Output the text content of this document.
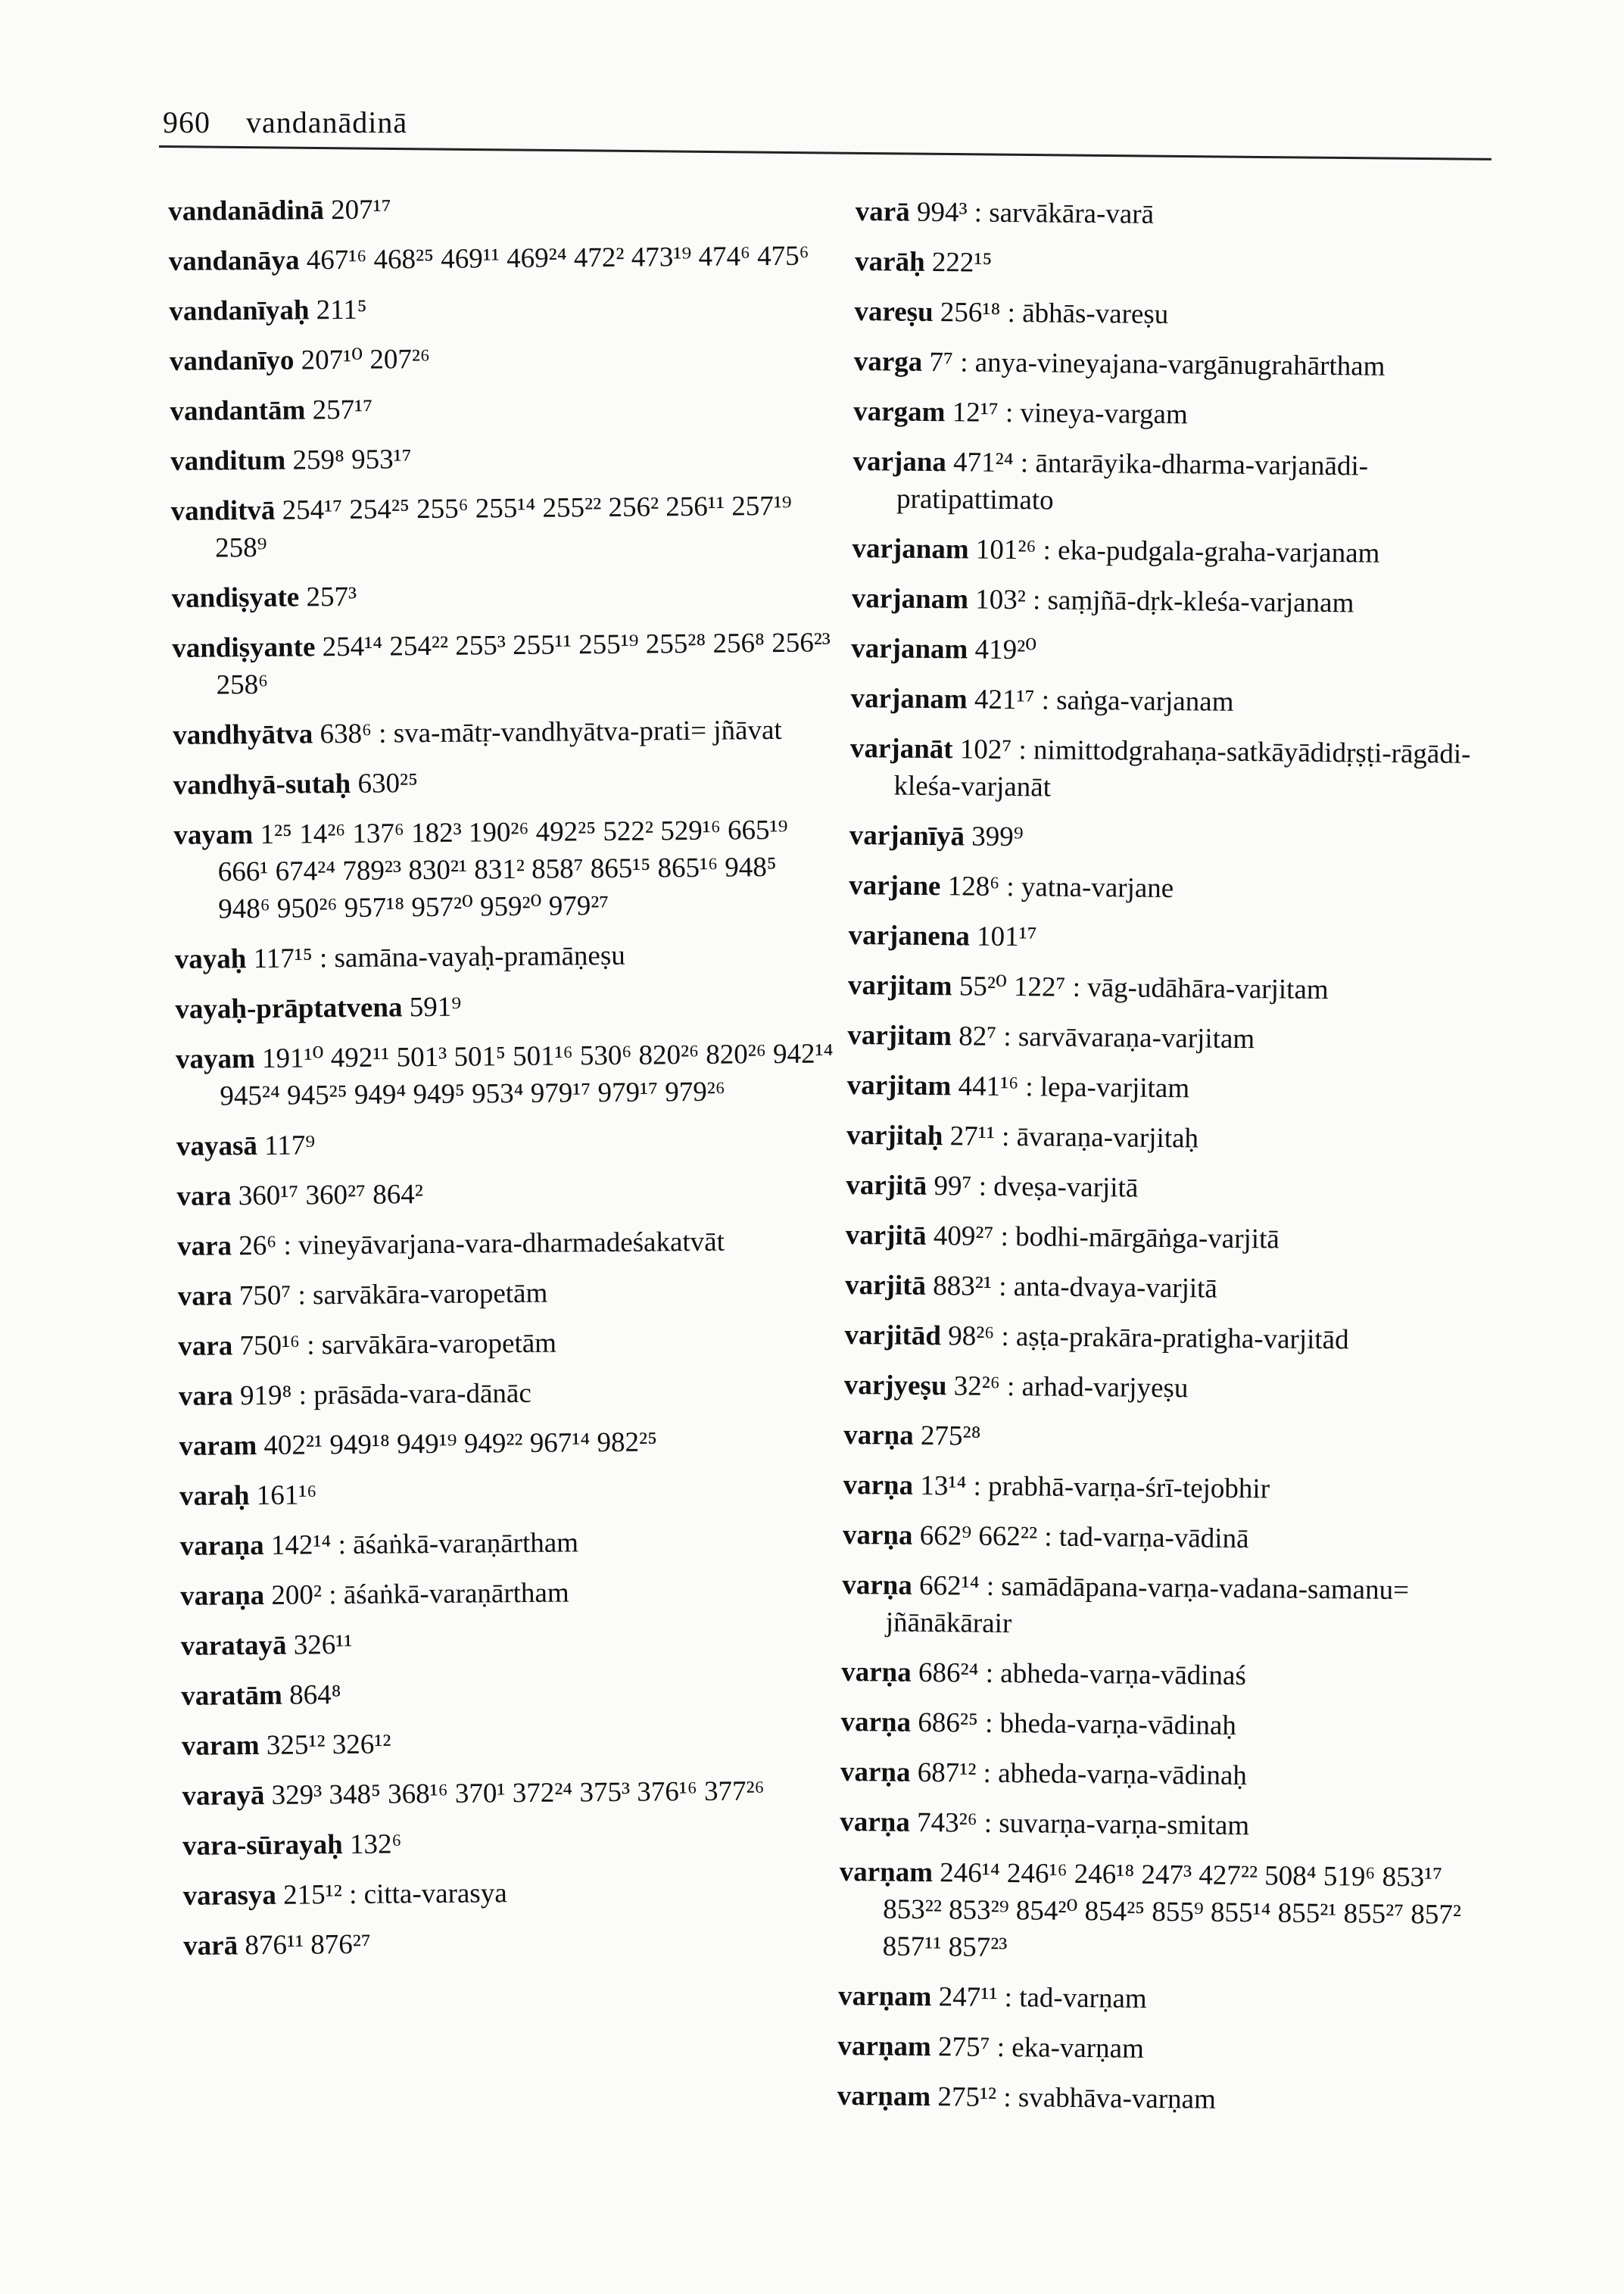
960 vandanādinā
vandanādinā 207¹⁷
vandanāya 467¹⁶ 468²⁵ 469¹¹ 469²⁴ 472² 473¹⁹ 474⁶ 475⁶
vandanīyaḥ 211⁵
vandanīyo 207¹⁰ 207²⁶
vandantām 257¹⁷
vanditum 259⁸ 953¹⁷
vanditvā 254¹⁷ 254²⁵ 255⁶ 255¹⁴ 255²² 256² 256¹¹ 257¹⁹ 258⁹
vandiṣyate 257³
vandiṣyante 254¹⁴ 254²² 255³ 255¹¹ 255¹⁹ 255²⁸ 256⁸ 256²³ 258⁶
vandhyātva 638⁶ : sva-mātṛ-vandhyātva-prati= jñāvat
vandhyā-sutaḥ 630²⁵
vayam 1²⁵ 14²⁶ 137⁶ 182³ 190²⁶ 492²⁵ 522² 529¹⁶ 665¹⁹ 666¹ 674²⁴ 789²³ 830²¹ 831² 858⁷ 865¹⁵ 865¹⁶ 948⁵ 948⁶ 950²⁶ 957¹⁸ 957²⁰ 959²⁰ 979²⁷
vayaḥ 117¹⁵ : samāna-vayaḥ-pramāṇeṣu
vayaḥ-prāptatvena 591⁹
vayam 191¹⁰ 492¹¹ 501³ 501⁵ 501¹⁶ 530⁶ 820²⁶ 820²⁶ 942¹⁴ 945²⁴ 945²⁵ 949⁴ 949⁵ 953⁴ 979¹⁷ 979¹⁷ 979²⁶
vayasā 117⁹
vara 360¹⁷ 360²⁷ 864²
vara 26⁶ : vineyāvarjana-vara-dharmadeśakatvāt
vara 750⁷ : sarvākāra-varopetām
vara 750¹⁶ : sarvākāra-varopetām
vara 919⁸ : prāsāda-vara-dānāc
varam 402²¹ 949¹⁸ 949¹⁹ 949²² 967¹⁴ 982²⁵
varaḥ 161¹⁶
varaṇa 142¹⁴ : āśaṅkā-varaṇārtham
varaṇa 200² : āśaṅkā-varaṇārtham
varatayā 326¹¹
varatām 864⁸
varam 325¹² 326¹²
varayā 329³ 348⁵ 368¹⁶ 370¹ 372²⁴ 375³ 376¹⁶ 377²⁶
vara-sūrayaḥ 132⁶
varasya 215¹² : citta-varasya
varā 876¹¹ 876²⁷
varā 994³ : sarvākāra-varā
varāḥ 222¹⁵
vareṣu 256¹⁸ : ābhās-vareṣu
varga 7⁷ : anya-vineyajana-vargānugrahārtham
vargam 12¹⁷ : vineya-vargam
varjana 471²⁴ : āntarāyika-dharma-varjanādi-pratipattimato
varjanam 101²⁶ : eka-pudgala-graha-varjanam
varjanam 103² : saṃjñā-dṛk-kleśa-varjanam
varjanam 419²⁰
varjanam 421¹⁷ : saṅga-varjanam
varjanāt 102⁷ : nimittodgrahaṇa-satkāyādidṛṣṭi-rāgādi-kleśa-varjanāt
varjanīyā 399⁹
varjane 128⁶ : yatna-varjane
varjanena 101¹⁷
varjitam 55²⁰ 122⁷ : vāg-udāhāra-varjitam
varjitam 82⁷ : sarvāvaraṇa-varjitam
varjitam 441¹⁶ : lepa-varjitam
varjitaḥ 27¹¹ : āvaraṇa-varjitaḥ
varjitā 99⁷ : dveṣa-varjitā
varjitā 409²⁷ : bodhi-mārgāṅga-varjitā
varjitā 883²¹ : anta-dvaya-varjitā
varjitād 98²⁶ : aṣṭa-prakāra-pratigha-varjitād
varjyeṣu 32²⁶ : arhad-varjyeṣu
varṇa 275²⁸
varṇa 13¹⁴ : prabhā-varṇa-śrī-tejobhir
varṇa 662⁹ 662²² : tad-varṇa-vādinā
varṇa 662¹⁴ : samādāpana-varṇa-vadana-samanu= jñānākārair
varṇa 686²⁴ : abheda-varṇa-vādinaś
varṇa 686²⁵ : bheda-varṇa-vādinaḥ
varṇa 687¹² : abheda-varṇa-vādinaḥ
varṇa 743²⁶ : suvarṇa-varṇa-smitam
varṇam 246¹⁴ 246¹⁶ 246¹⁸ 247³ 427²² 508⁴ 519⁶ 853¹⁷ 853²² 853²⁹ 854²⁰ 854²⁵ 855⁹ 855¹⁴ 855²¹ 855²⁷ 857² 857¹¹ 857²³
varṇam 247¹¹ : tad-varṇam
varṇam 275⁷ : eka-varṇam
varṇam 275¹² : svabhāva-varṇam
